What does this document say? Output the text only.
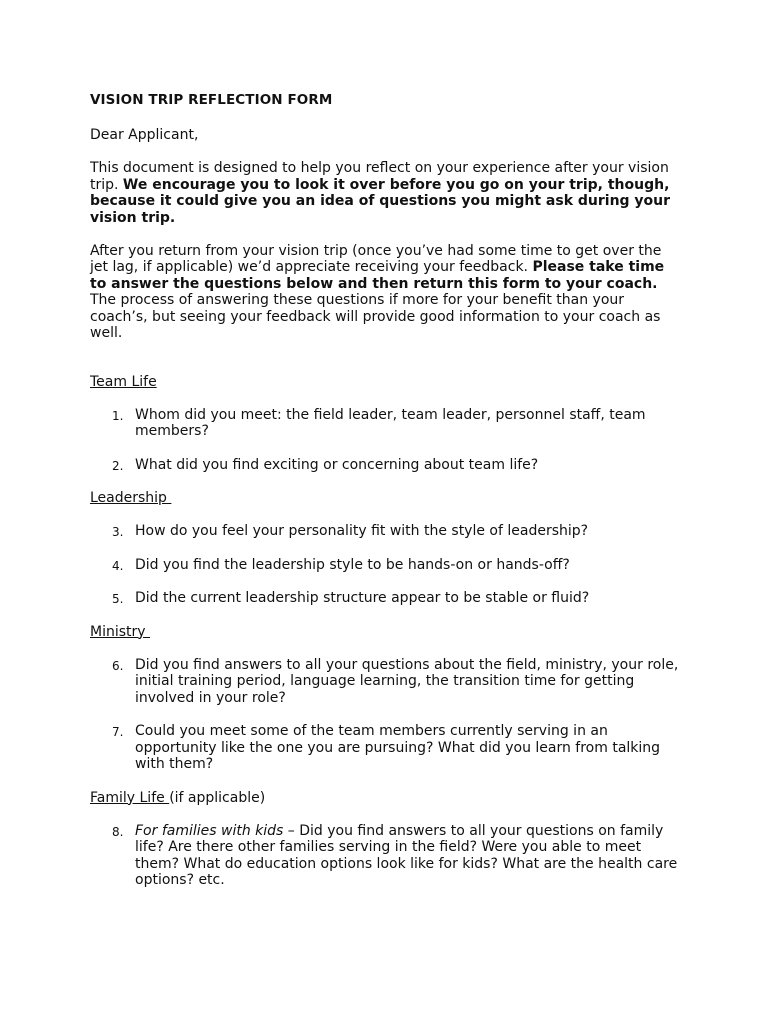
VISION TRIP REFLECTION FORM

Dear Applicant,

This document is designed to help you reflect on your experience after your vision trip. We encourage you to look it over before you go on your trip, though, because it could give you an idea of questions you might ask during your vision trip.

After you return from your vision trip (once you’ve had some time to get over the jet lag, if applicable) we’d appreciate receiving your feedback. Please take time to answer the questions below and then return this form to your coach. The process of answering these questions if more for your benefit than your coach’s, but seeing your feedback will provide good information to your coach as well.

Team Life
1. Whom did you meet: the field leader, team leader, personnel staff, team members?
2. What did you find exciting or concerning about team life?
Leadership
3. How do you feel your personality fit with the style of leadership?
4. Did you find the leadership style to be hands-on or hands-off?
5. Did the current leadership structure appear to be stable or fluid?
Ministry
6. Did you find answers to all your questions about the field, ministry, your role, initial training period, language learning, the transition time for getting involved in your role?
7. Could you meet some of the team members currently serving in an opportunity like the one you are pursuing? What did you learn from talking with them?
Family Life (if applicable)
8. For families with kids – Did you find answers to all your questions on family life? Are there other families serving in the field? Were you able to meet them? What do education options look like for kids? What are the health care options? etc.
